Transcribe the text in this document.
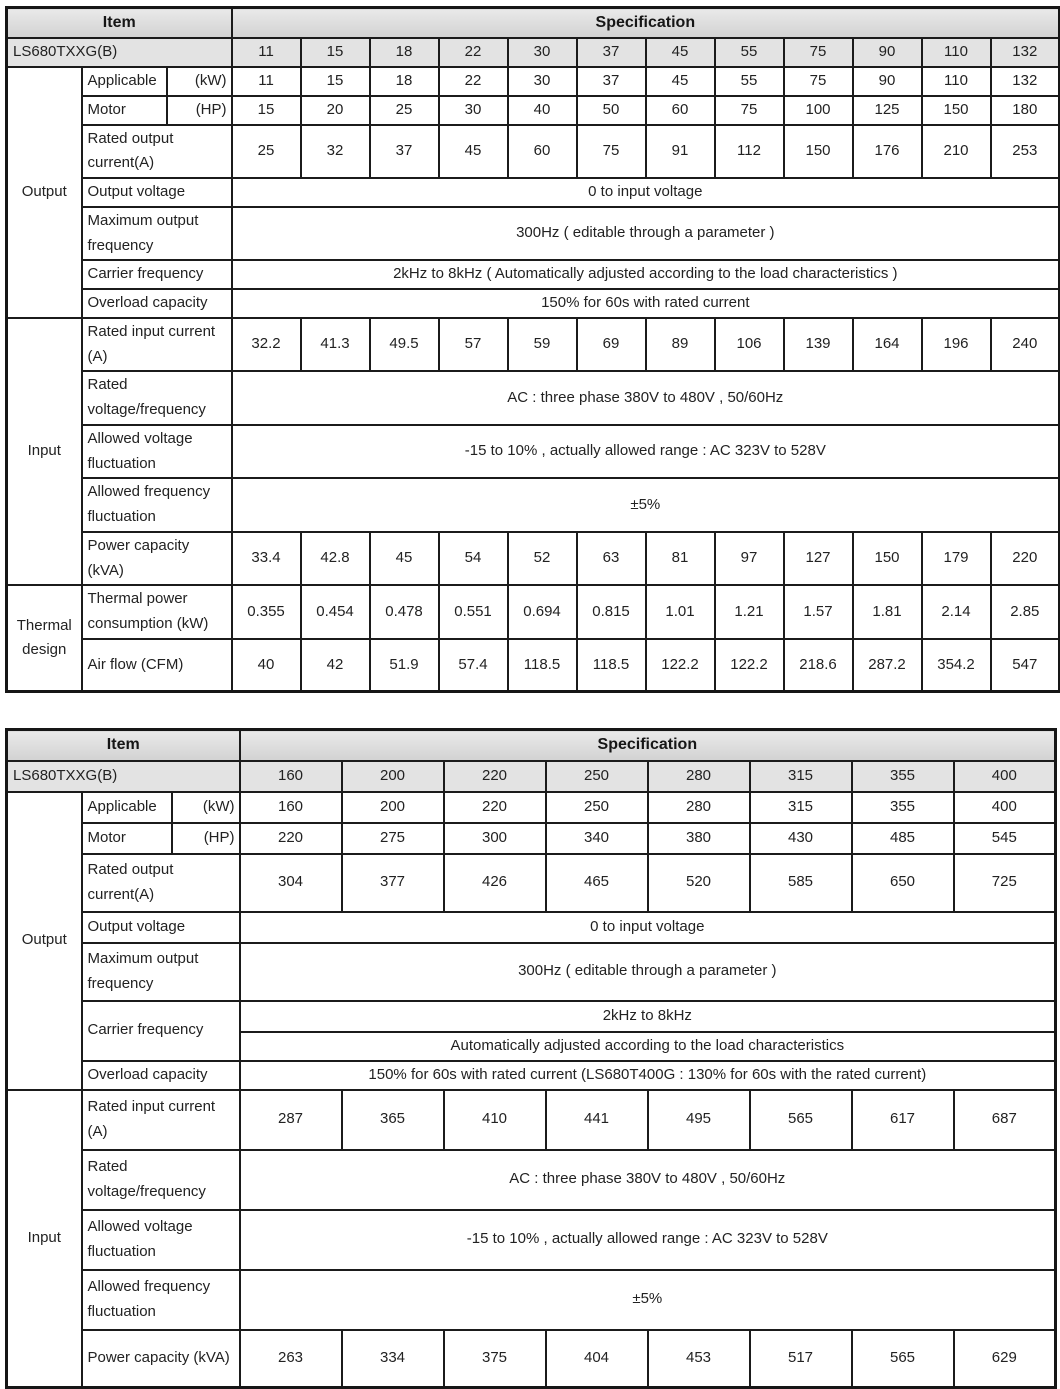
Item			Specification											
LS680TXXG(B)			11	15	18	22	30	37	45	55	75	90	110	132
Output	Applicable	(kW)	11	15	18	22	30	37	45	55	75	90	110	132
	Motor	(HP)	15	20	25	30	40	50	60	75	100	125	150	180
	Rated output current(A)		25	32	37	45	60	75	91	112	150	176	210	253
	Output voltage		0 to input voltage											
	Maximum output frequency		300Hz ( editable through a parameter )											
	Carrier frequency		2kHz to 8kHz ( Automatically adjusted according to the load characteristics )											
	Overload capacity		150% for 60s with rated current											
Input	Rated input current (A)		32.2	41.3	49.5	57	59	69	89	106	139	164	196	240
	Rated voltage/frequency		AC : three phase 380V to 480V , 50/60Hz											
	Allowed voltage fluctuation		-15 to 10% , actually allowed range : AC 323V to 528V											
	Allowed frequency fluctuation		±5%											
	Power capacity (kVA)		33.4	42.8	45	54	52	63	81	97	127	150	179	220
Thermal design	Thermal power consumption (kW)		0.355	0.454	0.478	0.551	0.694	0.815	1.01	1.21	1.57	1.81	2.14	2.85
	Air flow (CFM)		40	42	51.9	57.4	118.5	118.5	122.2	122.2	218.6	287.2	354.2	547
Item			Specification							
LS680TXXG(B)			160	200	220	250	280	315	355	400
Output	Applicable	(kW)	160	200	220	250	280	315	355	400
	Motor	(HP)	220	275	300	340	380	430	485	545
	Rated output current(A)		304	377	426	465	520	585	650	725
	Output voltage		0 to input voltage							
	Maximum output frequency		300Hz ( editable through a parameter )							
	Carrier frequency		2kHz to 8kHz							
			Automatically adjusted according to the load characteristics							
	Overload capacity		150% for 60s with rated current (LS680T400G : 130% for 60s with the rated current)							
Input	Rated input current (A)		287	365	410	441	495	565	617	687
	Rated voltage/frequency		AC : three phase 380V to 480V , 50/60Hz							
	Allowed voltage fluctuation		-15 to 10% , actually allowed range : AC 323V to 528V							
	Allowed frequency fluctuation		±5%							
	Power capacity (kVA)		263	334	375	404	453	517	565	629
